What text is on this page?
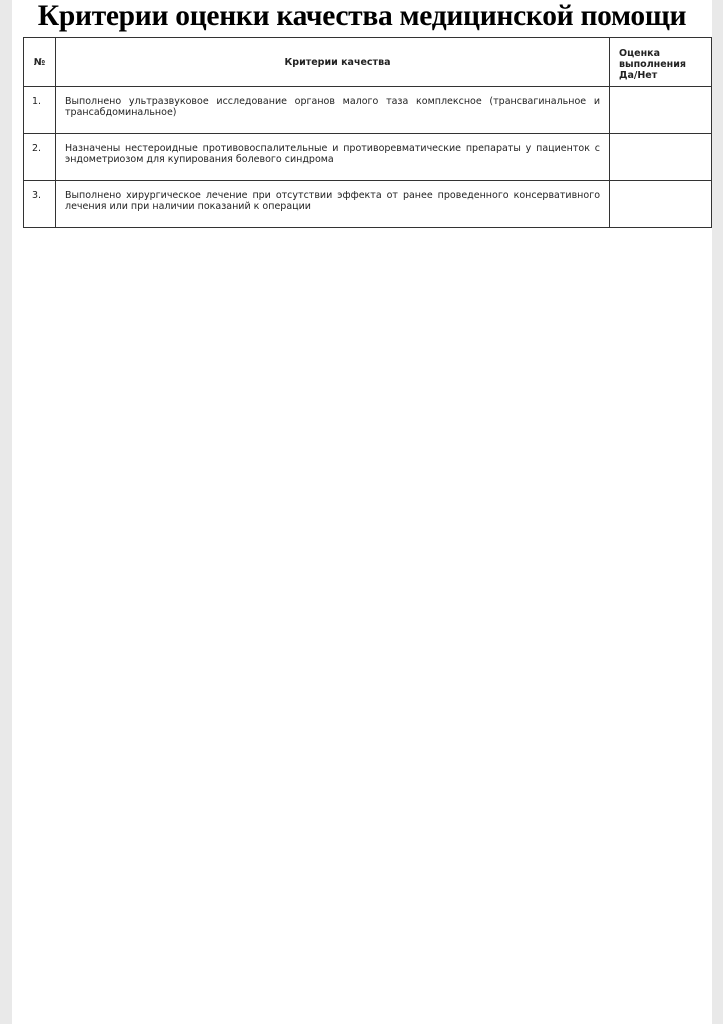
Критерии оценки качества медицинской помощи
№	Критерии качества	Оценка выполнения Да/Нет
1.	Выполнено ультразвуковое исследование органов малого таза комплексное (трансвагинальное и трансабдоминальное)	
2.	Назначены нестероидные противовоспалительные и противоревматические препараты у пациенток с эндометриозом для купирования болевого синдрома	
3.	Выполнено хирургическое лечение при отсутствии эффекта от ранее проведенного консервативного лечения или при наличии показаний к операции	
